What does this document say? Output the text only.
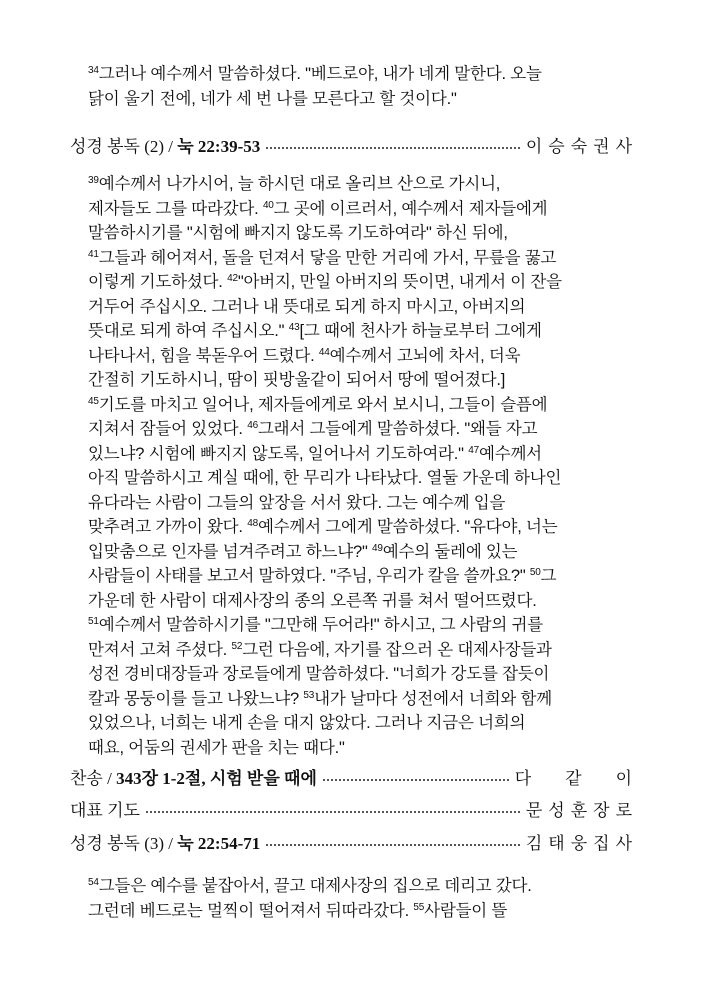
$^{34}$그러나 예수께서 말씀하셨다. "베드로야, 내가 네게 말한다. 오늘
닭이 울기 전에, 네가 세 번 나를 모른다고 할 것이다."
성경 봉독 (2) / 눅 22:39-53	이승숙권사
$^{39}$예수께서 나가시어, 늘 하시던 대로 올리브 산으로 가시니,
제자들도 그를 따라갔다. $^{40}$그 곳에 이르러서, 예수께서 제자들에게
말씀하시기를 "시험에 빠지지 않도록 기도하여라" 하신 뒤에,
$^{41}$그들과 헤어져서, 돌을 던져서 닿을 만한 거리에 가서, 무릎을 꿇고
이렇게 기도하셨다. $^{42}$"아버지, 만일 아버지의 뜻이면, 내게서 이 잔을
거두어 주십시오. 그러나 내 뜻대로 되게 하지 마시고, 아버지의
뜻대로 되게 하여 주십시오." $^{43}$[그 때에 천사가 하늘로부터 그에게
나타나서, 힘을 북돋우어 드렸다. $^{44}$예수께서 고뇌에 차서, 더욱
간절히 기도하시니, 땀이 핏방울같이 되어서 땅에 떨어졌다.]
$^{45}$기도를 마치고 일어나, 제자들에게로 와서 보시니, 그들이 슬픔에
지쳐서 잠들어 있었다. $^{46}$그래서 그들에게 말씀하셨다. "왜들 자고
있느냐? 시험에 빠지지 않도록, 일어나서 기도하여라." $^{47}$예수께서
아직 말씀하시고 계실 때에, 한 무리가 나타났다. 열둘 가운데 하나인
유다라는 사람이 그들의 앞장을 서서 왔다. 그는 예수께 입을
맞추려고 가까이 왔다. $^{48}$예수께서 그에게 말씀하셨다. "유다야, 너는
입맞춤으로 인자를 넘겨주려고 하느냐?" $^{49}$예수의 둘레에 있는
사람들이 사태를 보고서 말하였다. "주님, 우리가 칼을 쓸까요?" $^{50}$그
가운데 한 사람이 대제사장의 종의 오른쪽 귀를 쳐서 떨어뜨렸다.
$^{51}$예수께서 말씀하시기를 "그만해 두어라!" 하시고, 그 사람의 귀를
만져서 고쳐 주셨다. $^{52}$그런 다음에, 자기를 잡으러 온 대제사장들과
성전 경비대장들과 장로들에게 말씀하셨다. "너희가 강도를 잡듯이
칼과 몽둥이를 들고 나왔느냐? $^{53}$내가 날마다 성전에서 너희와 함께
있었으나, 너희는 내게 손을 대지 않았다. 그러나 지금은 너희의
때요, 어둠의 권세가 판을 치는 때다."
찬송 / 343장 1-2절, 시험 받을 때에	다같이
대표 기도	문성훈장로
성경 봉독 (3) / 눅 22:54-71	김태웅집사
$^{54}$그들은 예수를 붙잡아서, 끌고 대제사장의 집으로 데리고 갔다.
그런데 베드로는 멀찍이 떨어져서 뒤따라갔다. $^{55}$사람들이 뜰
